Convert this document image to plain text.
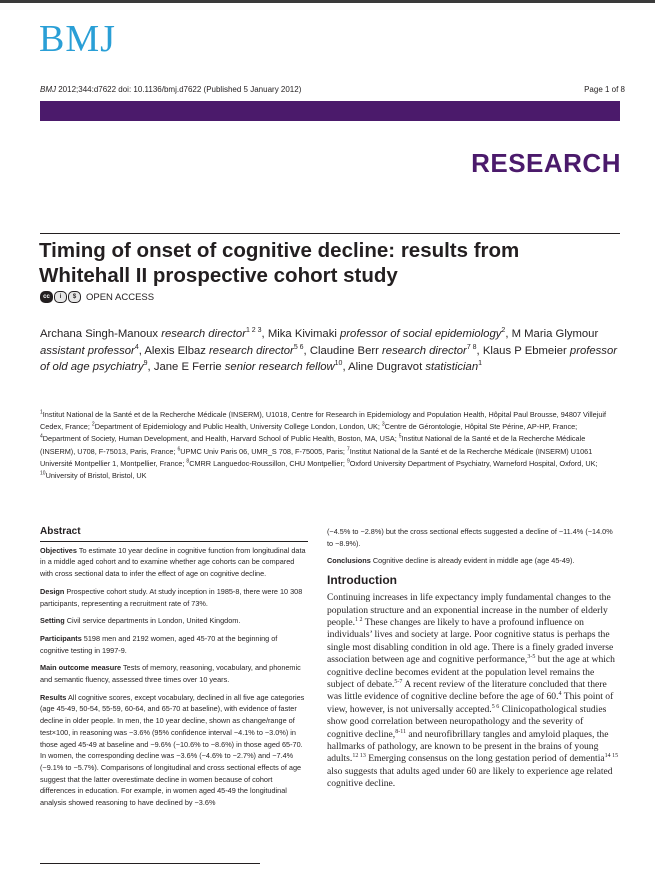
BMJ
BMJ 2012;344:d7622 doi: 10.1136/bmj.d7622 (Published 5 January 2012)	Page 1 of 8
RESEARCH
Timing of onset of cognitive decline: results from Whitehall II prospective cohort study
cc	i	$	OPEN ACCESS
Archana Singh-Manoux research director$^{1 2 3}$, Mika Kivimaki professor of social epidemiology$^2$, M Maria Glymour assistant professor$^4$, Alexis Elbaz research director$^{5 6}$, Claudine Berr research director$^{7 8}$, Klaus P Ebmeier professor of old age psychiatry$^9$, Jane E Ferrie senior research fellow$^{10}$, Aline Dugravot statistician$^1$
$^1$Institut National de la Santé et de la Recherche Médicale (INSERM), U1018, Centre for Research in Epidemiology and Population Health, Hôpital Paul Brousse, 94807 Villejuif Cedex, France; $^2$Department of Epidemiology and Public Health, University College London, London, UK; $^3$Centre de Gérontologie, Hôpital Ste Périne, AP-HP, France; $^4$Department of Society, Human Development, and Health, Harvard School of Public Health, Boston, MA, USA; $^5$Institut National de la Santé et de la Recherche Médicale (INSERM), U708, F-75013, Paris, France; $^6$UPMC Univ Paris 06, UMR_S 708, F-75005, Paris; $^7$Institut National de la Santé et de la Recherche Médicale (INSERM) U1061 Université Montpellier 1, Montpellier, France; $^8$CMRR Languedoc-Roussillon, CHU Montpellier; $^9$Oxford University Department of Psychiatry, Warneford Hospital, Oxford, UK; $^{10}$University of Bristol, Bristol, UK
Abstract

Objectives To estimate 10 year decline in cognitive function from longitudinal data in a middle aged cohort and to examine whether age cohorts can be compared with cross sectional data to infer the effect of age on cognitive decline.

Design Prospective cohort study. At study inception in 1985-8, there were 10 308 participants, representing a recruitment rate of 73%.

Setting Civil service departments in London, United Kingdom.

Participants 5198 men and 2192 women, aged 45-70 at the beginning of cognitive testing in 1997-9.

Main outcome measure Tests of memory, reasoning, vocabulary, and phonemic and semantic fluency, assessed three times over 10 years.

Results All cognitive scores, except vocabulary, declined in all five age categories (age 45-49, 50-54, 55-59, 60-64, and 65-70 at baseline), with evidence of faster decline in older people. In men, the 10 year decline, shown as change/range of test×100, in reasoning was −3.6% (95% confidence interval −4.1% to −3.0%) in those aged 45-49 at baseline and −9.6% (−10.6% to −8.6%) in those aged 65-70. In women, the corresponding decline was −3.6% (−4.6% to −2.7%) and −7.4% (−9.1% to −5.7%). Comparisons of longitudinal and cross sectional effects of age suggest that the latter overestimate decline in women because of cohort differences in education. For example, in women aged 45-49 the longitudinal analysis showed reasoning to have declined by −3.6%

(−4.5% to −2.8%) but the cross sectional effects suggested a decline of −11.4% (−14.0% to −8.9%).

Conclusions Cognitive decline is already evident in middle age (age 45-49).

Introduction

Continuing increases in life expectancy imply fundamental changes to the population structure and an exponential increase in the number of elderly people.$^{1 2}$ These changes are likely to have a profound influence on individuals’ lives and society at large. Poor cognitive status is perhaps the single most disabling condition in old age. There is a finely graded inverse association between age and cognitive performance,$^{3-5}$ but the age at which cognitive decline becomes evident at the population level remains the subject of debate.$^{5-7}$ A recent review of the literature concluded that there was little evidence of cognitive decline before the age of 60.$^4$ This point of view, however, is not universally accepted.$^{5 6}$ Clinicopathological studies show good correlation between neuropathology and the severity of cognitive decline,$^{8-11}$ and neurofibrillary tangles and amyloid plaques, the hallmarks of pathology, are known to be present in the brains of young adults.$^{12 13}$ Emerging consensus on the long gestation period of dementia$^{14 15}$ also suggests that adults aged under 60 are likely to experience age related cognitive decline.
